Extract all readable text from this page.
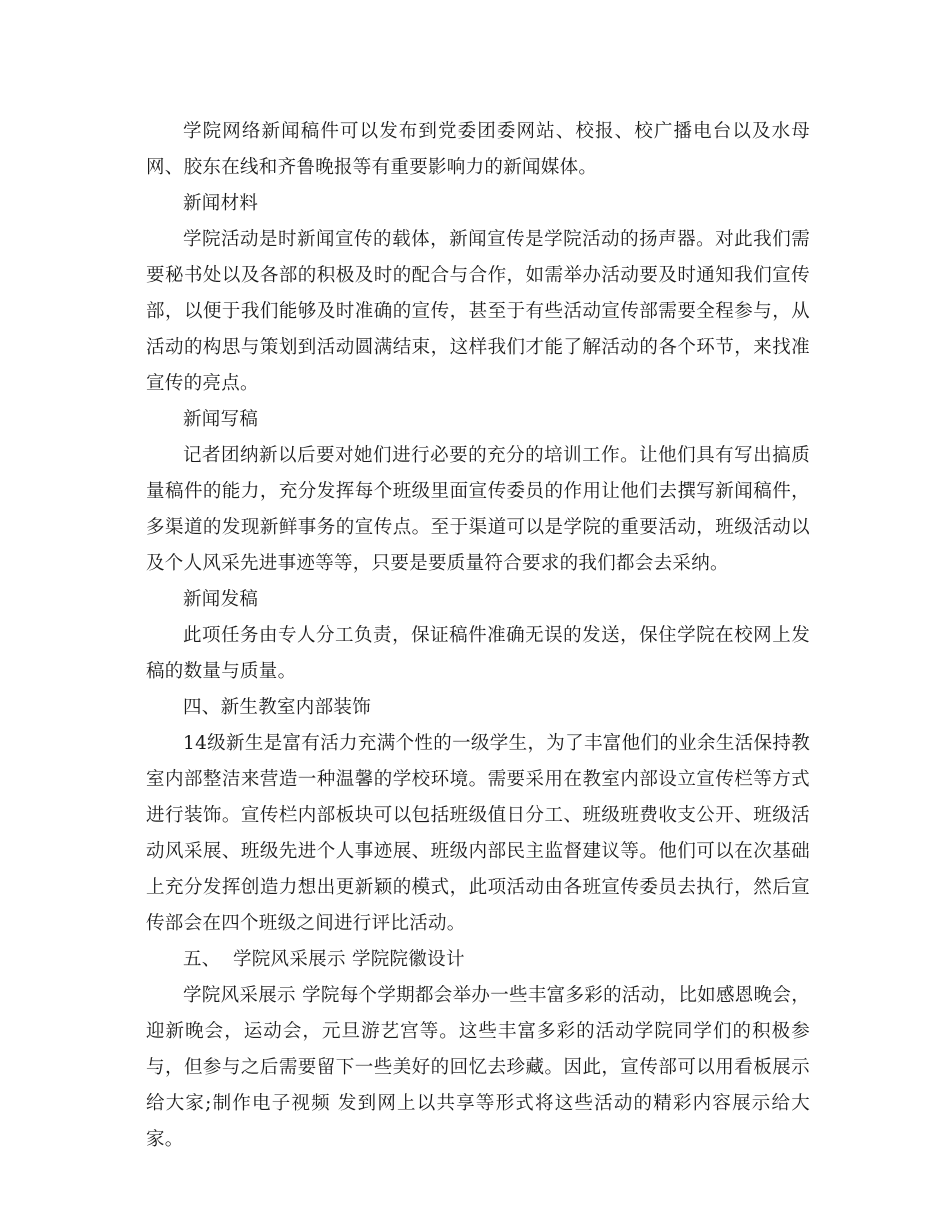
学院网络新闻稿件可以发布到党委团委网站、校报、校广播电台以及水母网、胶东在线和齐鲁晚报等有重要影响力的新闻媒体。

新闻材料

学院活动是时新闻宣传的载体，新闻宣传是学院活动的扬声器。对此我们需要秘书处以及各部的积极及时的配合与合作，如需举办活动要及时通知我们宣传部，以便于我们能够及时准确的宣传，甚至于有些活动宣传部需要全程参与，从活动的构思与策划到活动圆满结束，这样我们才能了解活动的各个环节，来找准宣传的亮点。

新闻写稿

记者团纳新以后要对她们进行必要的充分的培训工作。让他们具有写出搞质量稿件的能力，充分发挥每个班级里面宣传委员的作用让他们去撰写新闻稿件，多渠道的发现新鲜事务的宣传点。至于渠道可以是学院的重要活动，班级活动以及个人风采先进事迹等等，只要是要质量符合要求的我们都会去采纳。

新闻发稿

此项任务由专人分工负责，保证稿件准确无误的发送，保住学院在校网上发稿的数量与质量。

四、新生教室内部装饰

14级新生是富有活力充满个性的一级学生，为了丰富他们的业余生活保持教室内部整洁来营造一种温馨的学校环境。需要采用在教室内部设立宣传栏等方式进行装饰。宣传栏内部板块可以包括班级值日分工、班级班费收支公开、班级活动风采展、班级先进个人事迹展、班级内部民主监督建议等。他们可以在次基础上充分发挥创造力想出更新颖的模式，此项活动由各班宣传委员去执行，然后宣传部会在四个班级之间进行评比活动。

五、  学院风采展示 学院院徽设计

学院风采展示 学院每个学期都会举办一些丰富多彩的活动，比如感恩晚会，迎新晚会，运动会，元旦游艺宫等。这些丰富多彩的活动学院同学们的积极参与，但参与之后需要留下一些美好的回忆去珍藏。因此，宣传部可以用看板展示给大家;制作电子视频 发到网上以共享等形式将这些活动的精彩内容展示给大家。
